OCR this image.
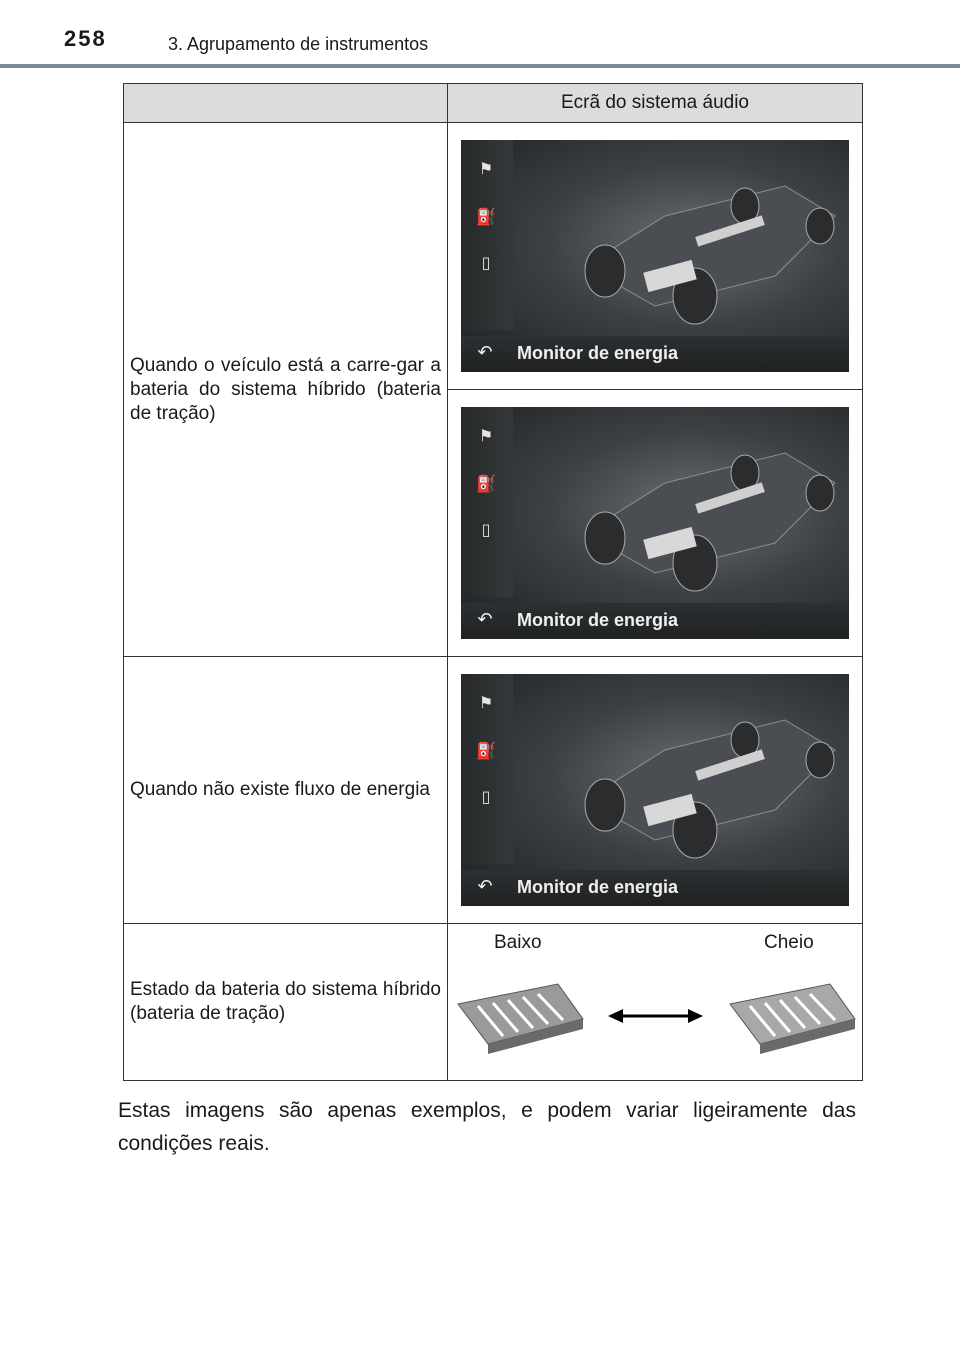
258	3. Agrupamento de instrumentos
	Ecrã do sistema áudio
Quando o veículo está a carre-gar a bateria do sistema híbrido (bateria de tração)	⚑
⛽
▯
↶ Monitor de energia

	⚑
⛽
▯
↶ Monitor de energia

Quando não existe fluxo de energia	⚑
⛽
▯
↶ Monitor de energia

Estado da bateria do sistema híbrido (bateria de tração)	Baixo Cheio
Estas imagens são apenas exemplos, e podem variar ligeiramente das condições reais.
